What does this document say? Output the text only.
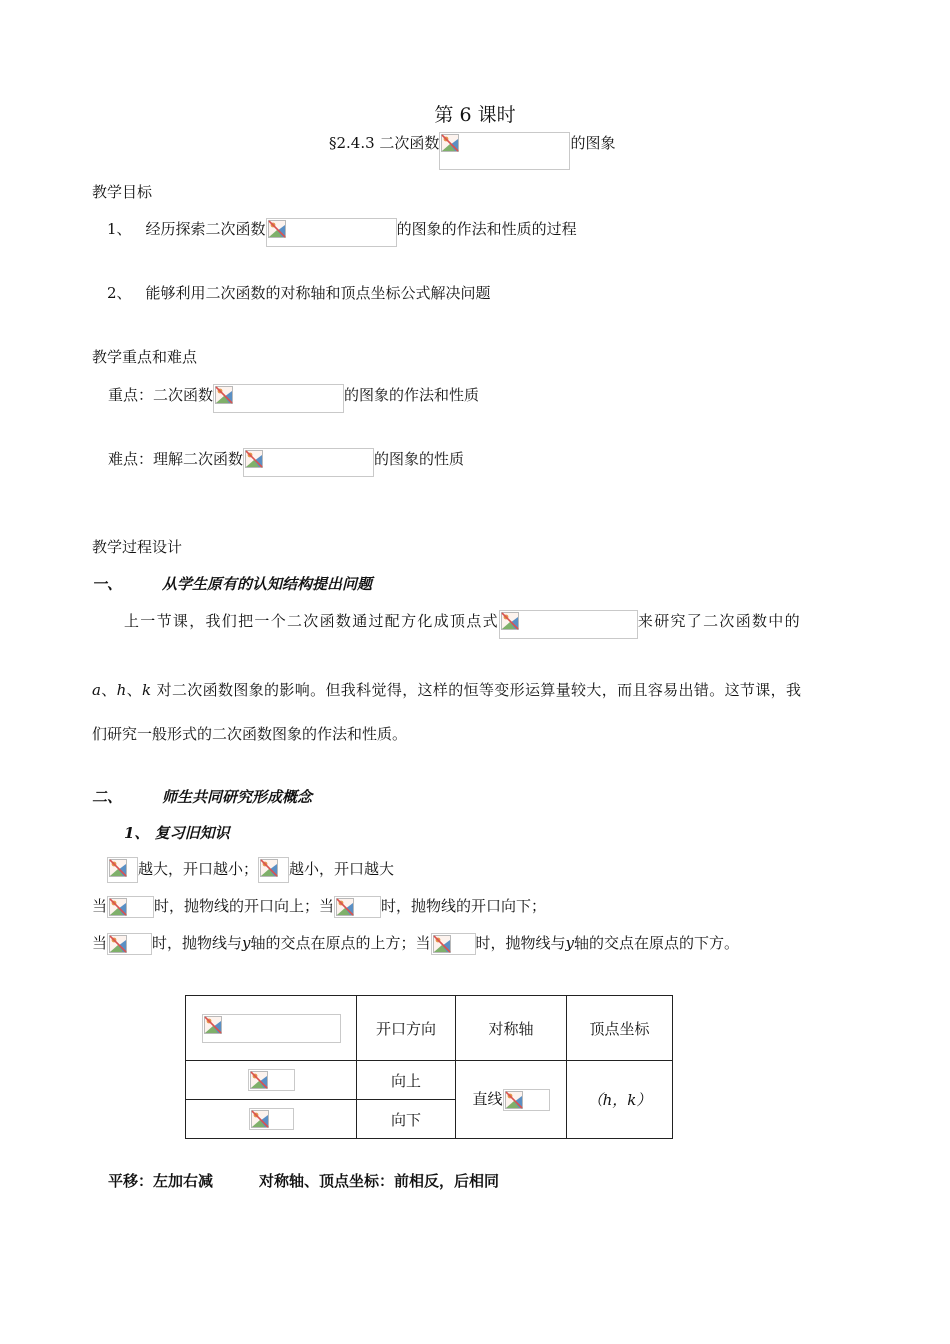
第 6 课时
§2.4.3 二次函数	的图象
教学目标
1、 经历探索二次函数	的图象的作法和性质的过程
2、 能够利用二次函数的对称轴和顶点坐标公式解决问题
教学重点和难点
重点：二次函数	的图象的作法和性质
难点：理解二次函数	的图象的性质
教学过程设计
一、	从学生原有的认知结构提出问题
上一节课，我们把一个二次函数通过配方化成顶点式	来研究了二次函数中的
a、h、k 对二次函数图象的影响。但我科觉得，这样的恒等变形运算量较大，而且容易出错。这节课，我
们研究一般形式的二次函数图象的作法和性质。
二、	师生共同研究形成概念
1、 复习旧知识
越大，开口越小； 越小，开口越大
当	时，抛物线的开口向上；当	时，抛物线的开口向下；
当	时，抛物线与y轴的交点在原点的上方；当	时，抛物线与y轴的交点在原点的下方。
	开口方向	对称轴	顶点坐标

	向上	直线	（h，k）

	向下		
平移：左加右减	对称轴、顶点坐标：前相反，后相同
